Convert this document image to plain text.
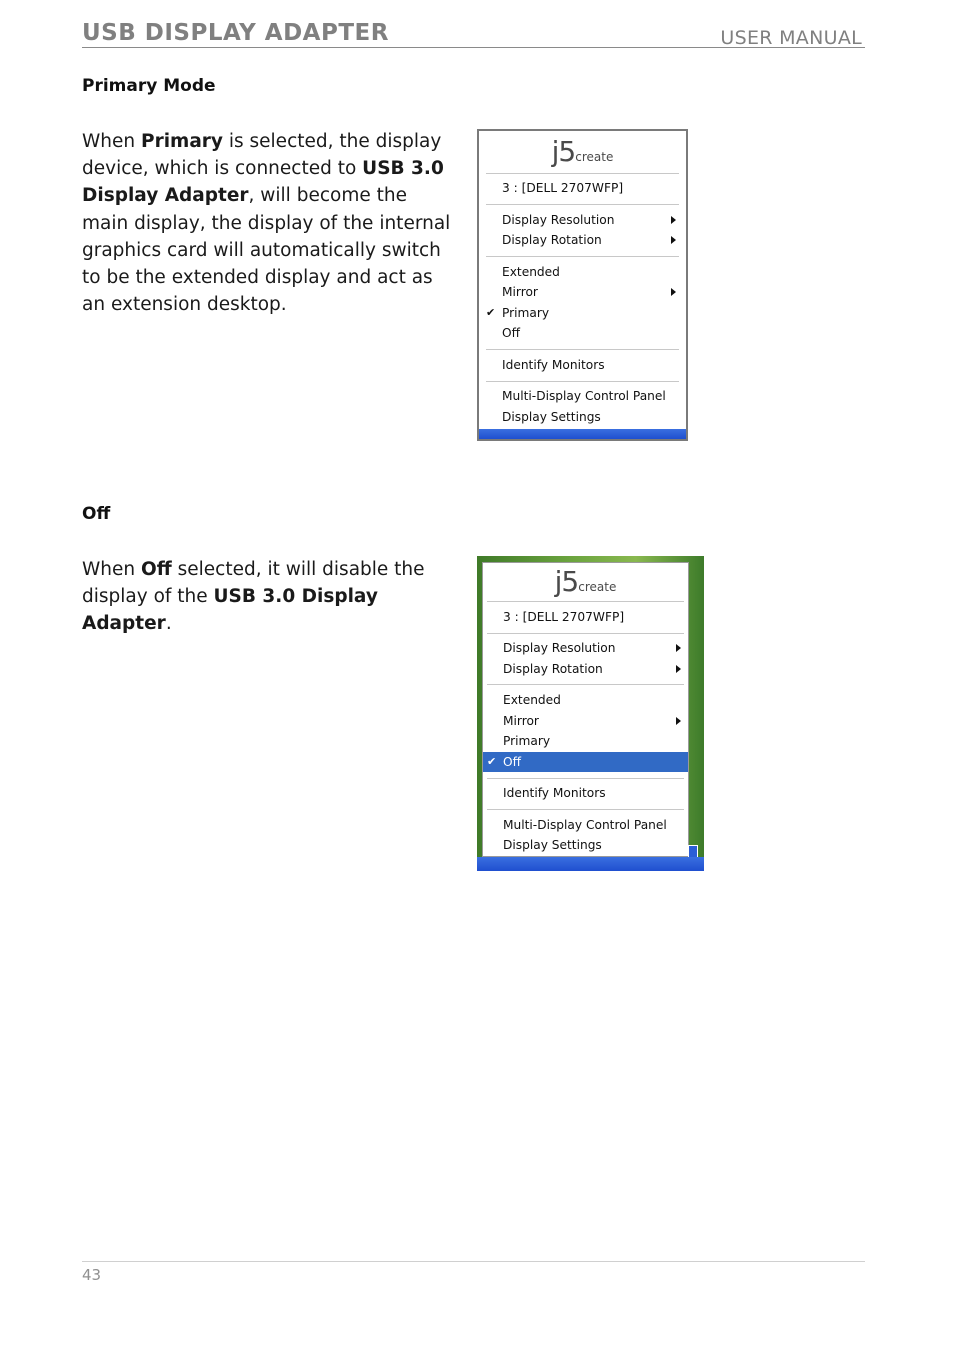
USB DISPLAY ADAPTER	USER MANUAL
Primary Mode
When Primary is selected, the display device, which is connected to USB 3.0 Display Adapter, will become the main display, the display of the internal graphics card will automatically switch to be the extended display and act as an extension desktop.
j5create
3 : [DELL 2707WFP]
Display Resolution
Display Rotation
Extended
Mirror
✔ Primary
Off
Identify Monitors
Multi-Display Control Panel
Display Settings
Off
When Off selected, it will disable the display of the USB 3.0 Display Adapter.
j5create
3 : [DELL 2707WFP]
Display Resolution
Display Rotation
Extended
Mirror
Primary
✔ Off
Identify Monitors
Multi-Display Control Panel
Display Settings
43
